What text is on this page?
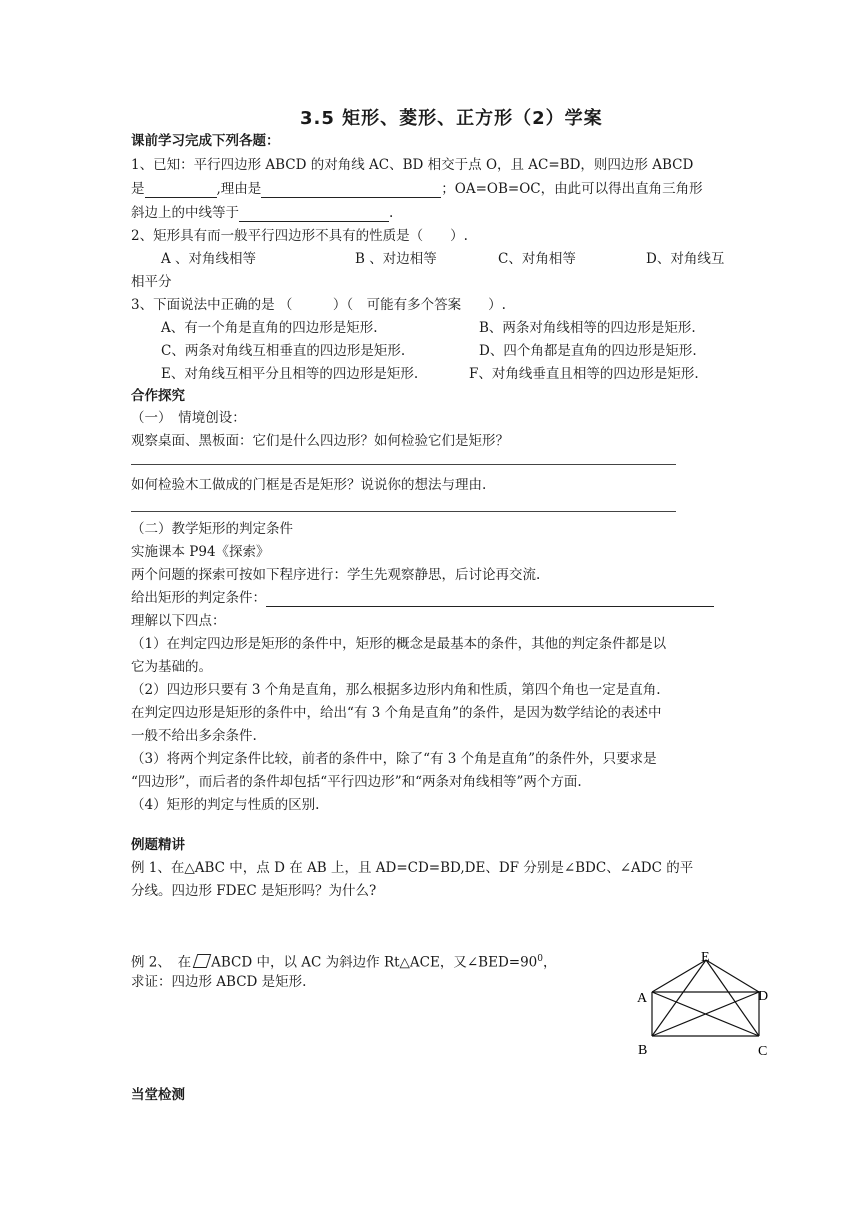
3.5 矩形、菱形、正方形（2）学案
课前学习完成下列各题：
1、已知：平行四边形 ABCD 的对角线 AC、BD 相交于点 O，且 AC=BD，则四边形 ABCD
是	,理由是	；OA=OB=OC，由此可以得出直角三角形
斜边上的中线等于	.
2、矩形具有而一般平行四边形不具有的性质是（　　）.
A 、对角线相等	B 、对边相等	C、对角相等	D、对角线互
相平分
3、下面说法中正确的是 （　　　）（　可能有多个答案　　）.
A、有一个角是直角的四边形是矩形.	B、两条对角线相等的四边形是矩形.
C、两条对角线互相垂直的四边形是矩形.	D、四个角都是直角的四边形是矩形.
E、对角线互相平分且相等的四边形是矩形.	F、对角线垂直且相等的四边形是矩形.
合作探究
（一）　情境创设：
观察桌面、黑板面：它们是什么四边形？如何检验它们是矩形？
如何检验木工做成的门框是否是矩形？说说你的想法与理由.
（二）教学矩形的判定条件
实施课本 P94《探索》
两个问题的探索可按如下程序进行：学生先观察静思，后讨论再交流.
给出矩形的判定条件：
理解以下四点：
（1）在判定四边形是矩形的条件中，矩形的概念是最基本的条件，其他的判定条件都是以
它为基础的。
（2）四边形只要有 3 个角是直角，那么根据多边形内角和性质，第四个角也一定是直角.
在判定四边形是矩形的条件中，给出“有 3 个角是直角”的条件，是因为数学结论的表述中
一般不给出多余条件.
（3）将两个判定条件比较，前者的条件中，除了“有 3 个角是直角”的条件外，只要求是
“四边形”，而后者的条件却包括“平行四边形”和“两条对角线相等”两个方面.
（4）矩形的判定与性质的区别.
例题精讲
例 1、在△ABC 中，点 D 在 AB 上，且 AD=CD=BD,DE、DF 分别是∠BDC、∠ADC 的平
分线。四边形 FDEC 是矩形吗？为什么?
例 2、　在 ABCD 中，以 AC 为斜边作 Rt△ACE，又$\angle BED=90^0$，
求证：四边形 ABCD 是矩形.
E
A	D
B	C
当堂检测
